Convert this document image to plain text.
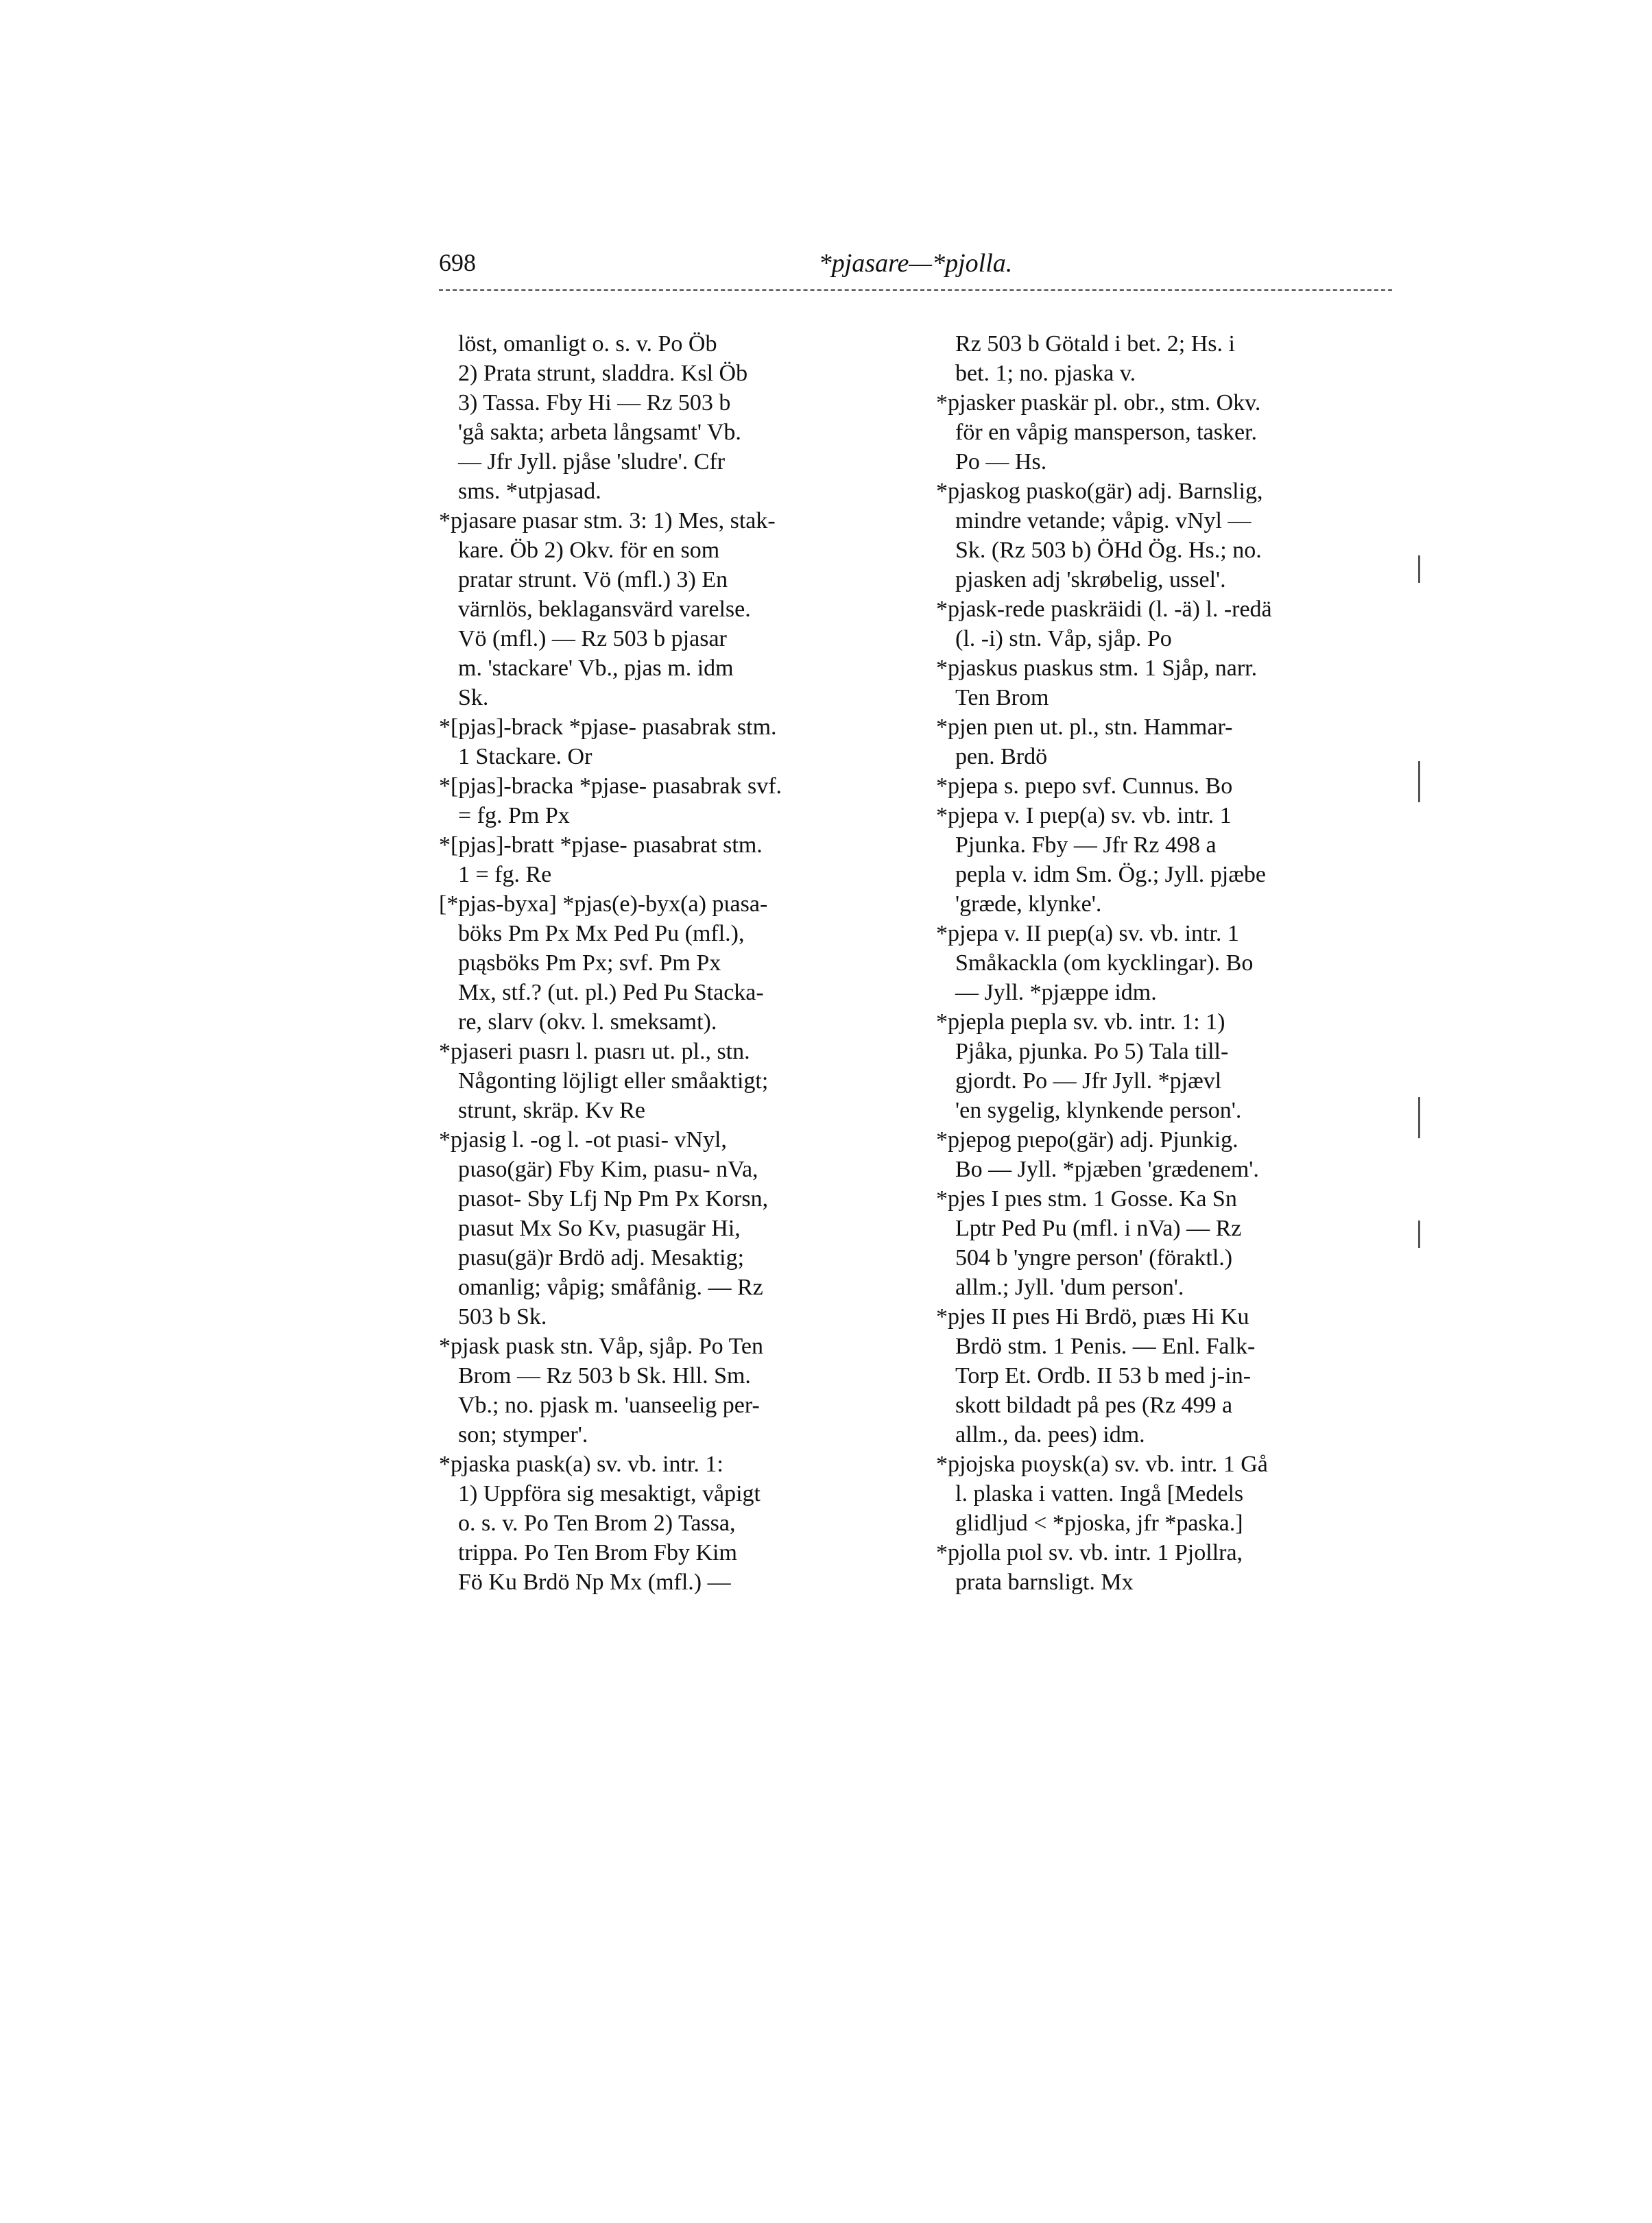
698	*pjasare—*pjolla.
löst, omanligt o. s. v. Po Öb
2) Prata strunt, sladdra. Ksl Öb
3) Tassa. Fby Hi — Rz 503 b
'gå sakta; arbeta långsamt' Vb.
— Jfr Jyll. pjåse 'sludre'. Cfr
sms. *utpjasad.
*pjasare pɩasar stm. 3: 1) Mes, stak-
kare. Öb 2) Okv. för en som
pratar strunt. Vö (mfl.) 3) En
värnlös, beklagansvärd varelse.
Vö (mfl.) — Rz 503 b pjasar
m. 'stackare' Vb., pjas m. idm
Sk.
*[pjas]-brack *pjase- pɩasabrak stm.
1 Stackare. Or
*[pjas]-bracka *pjase- pɩasabrak svf.
= fg. Pm Px
*[pjas]-bratt *pjase- pɩasabrat stm.
1 = fg. Re
[*pjas-byxa] *pjas(e)-byx(a) pɩasa-
böks Pm Px Mx Ped Pu (mfl.),
pɩąsböks Pm Px; svf. Pm Px
Mx, stf.? (ut. pl.) Ped Pu Stacka-
re, slarv (okv. l. smeksamt).
*pjaseri pɩasrı l. pɩasrı ut. pl., stn.
Någonting löjligt eller småaktigt;
strunt, skräp. Kv Re
*pjasig l. -og l. -ot pɩasi- vNyl,
pɩaso(gär) Fby Kim, pɩasu- nVa,
pɩasot- Sby Lfj Np Pm Px Korsn,
pɩasut Mx So Kv, pɩasugär Hi,
pɩasu(gä)r Brdö adj. Mesaktig;
omanlig; våpig; småfånig. — Rz
503 b Sk.
*pjask pɩask stn. Våp, sjåp. Po Ten
Brom — Rz 503 b Sk. Hll. Sm.
Vb.; no. pjask m. 'uanseelig per-
son; stymper'.
*pjaska pɩask(a) sv. vb. intr. 1:
1) Uppföra sig mesaktigt, våpigt
o. s. v. Po Ten Brom 2) Tassa,
trippa. Po Ten Brom Fby Kim
Fö Ku Brdö Np Mx (mfl.) —
Rz 503 b Götald i bet. 2; Hs. i
bet. 1; no. pjaska v.
*pjasker pɩaskär pl. obr., stm. Okv.
för en våpig mansperson, tasker.
Po — Hs.
*pjaskog pɩasko(gär) adj. Barnslig,
mindre vetande; våpig. vNyl —
Sk. (Rz 503 b) ÖHd Ög. Hs.; no.
pjasken adj 'skrøbelig, ussel'.
*pjask-rede pɩaskräidi (l. -ä) l. -redä
(l. -i) stn. Våp, sjåp. Po
*pjaskus pɩaskus stm. 1 Sjåp, narr.
Ten Brom
*pjen pɩen ut. pl., stn. Hammar-
pen. Brdö
*pjepa s. pɩepo svf. Cunnus. Bo
*pjepa v. I pɩep(a) sv. vb. intr. 1
Pjunka. Fby — Jfr Rz 498 a
pepla v. idm Sm. Ög.; Jyll. pjæbe
'græde, klynke'.
*pjepa v. II pɩep(a) sv. vb. intr. 1
Småkackla (om kycklingar). Bo
— Jyll. *pjæppe idm.
*pjepla pɩepla sv. vb. intr. 1: 1)
Pjåka, pjunka. Po 5) Tala till-
gjordt. Po — Jfr Jyll. *pjævl
'en sygelig, klynkende person'.
*pjepog pɩepo(gär) adj. Pjunkig.
Bo — Jyll. *pjæben 'grædenem'.
*pjes I pɩes stm. 1 Gosse. Ka Sn
Lptr Ped Pu (mfl. i nVa) — Rz
504 b 'yngre person' (föraktl.)
allm.; Jyll. 'dum person'.
*pjes II pɩes Hi Brdö, pɩæs Hi Ku
Brdö stm. 1 Penis. — Enl. Falk-
Torp Et. Ordb. II 53 b med j-in-
skott bildadt på pes (Rz 499 a
allm., da. pees) idm.
*pjojska pɩoysk(a) sv. vb. intr. 1 Gå
l. plaska i vatten. Ingå [Medels
glidljud < *pjoska, jfr *paska.]
*pjolla pɩol sv. vb. intr. 1 Pjollra,
prata barnsligt. Mx
